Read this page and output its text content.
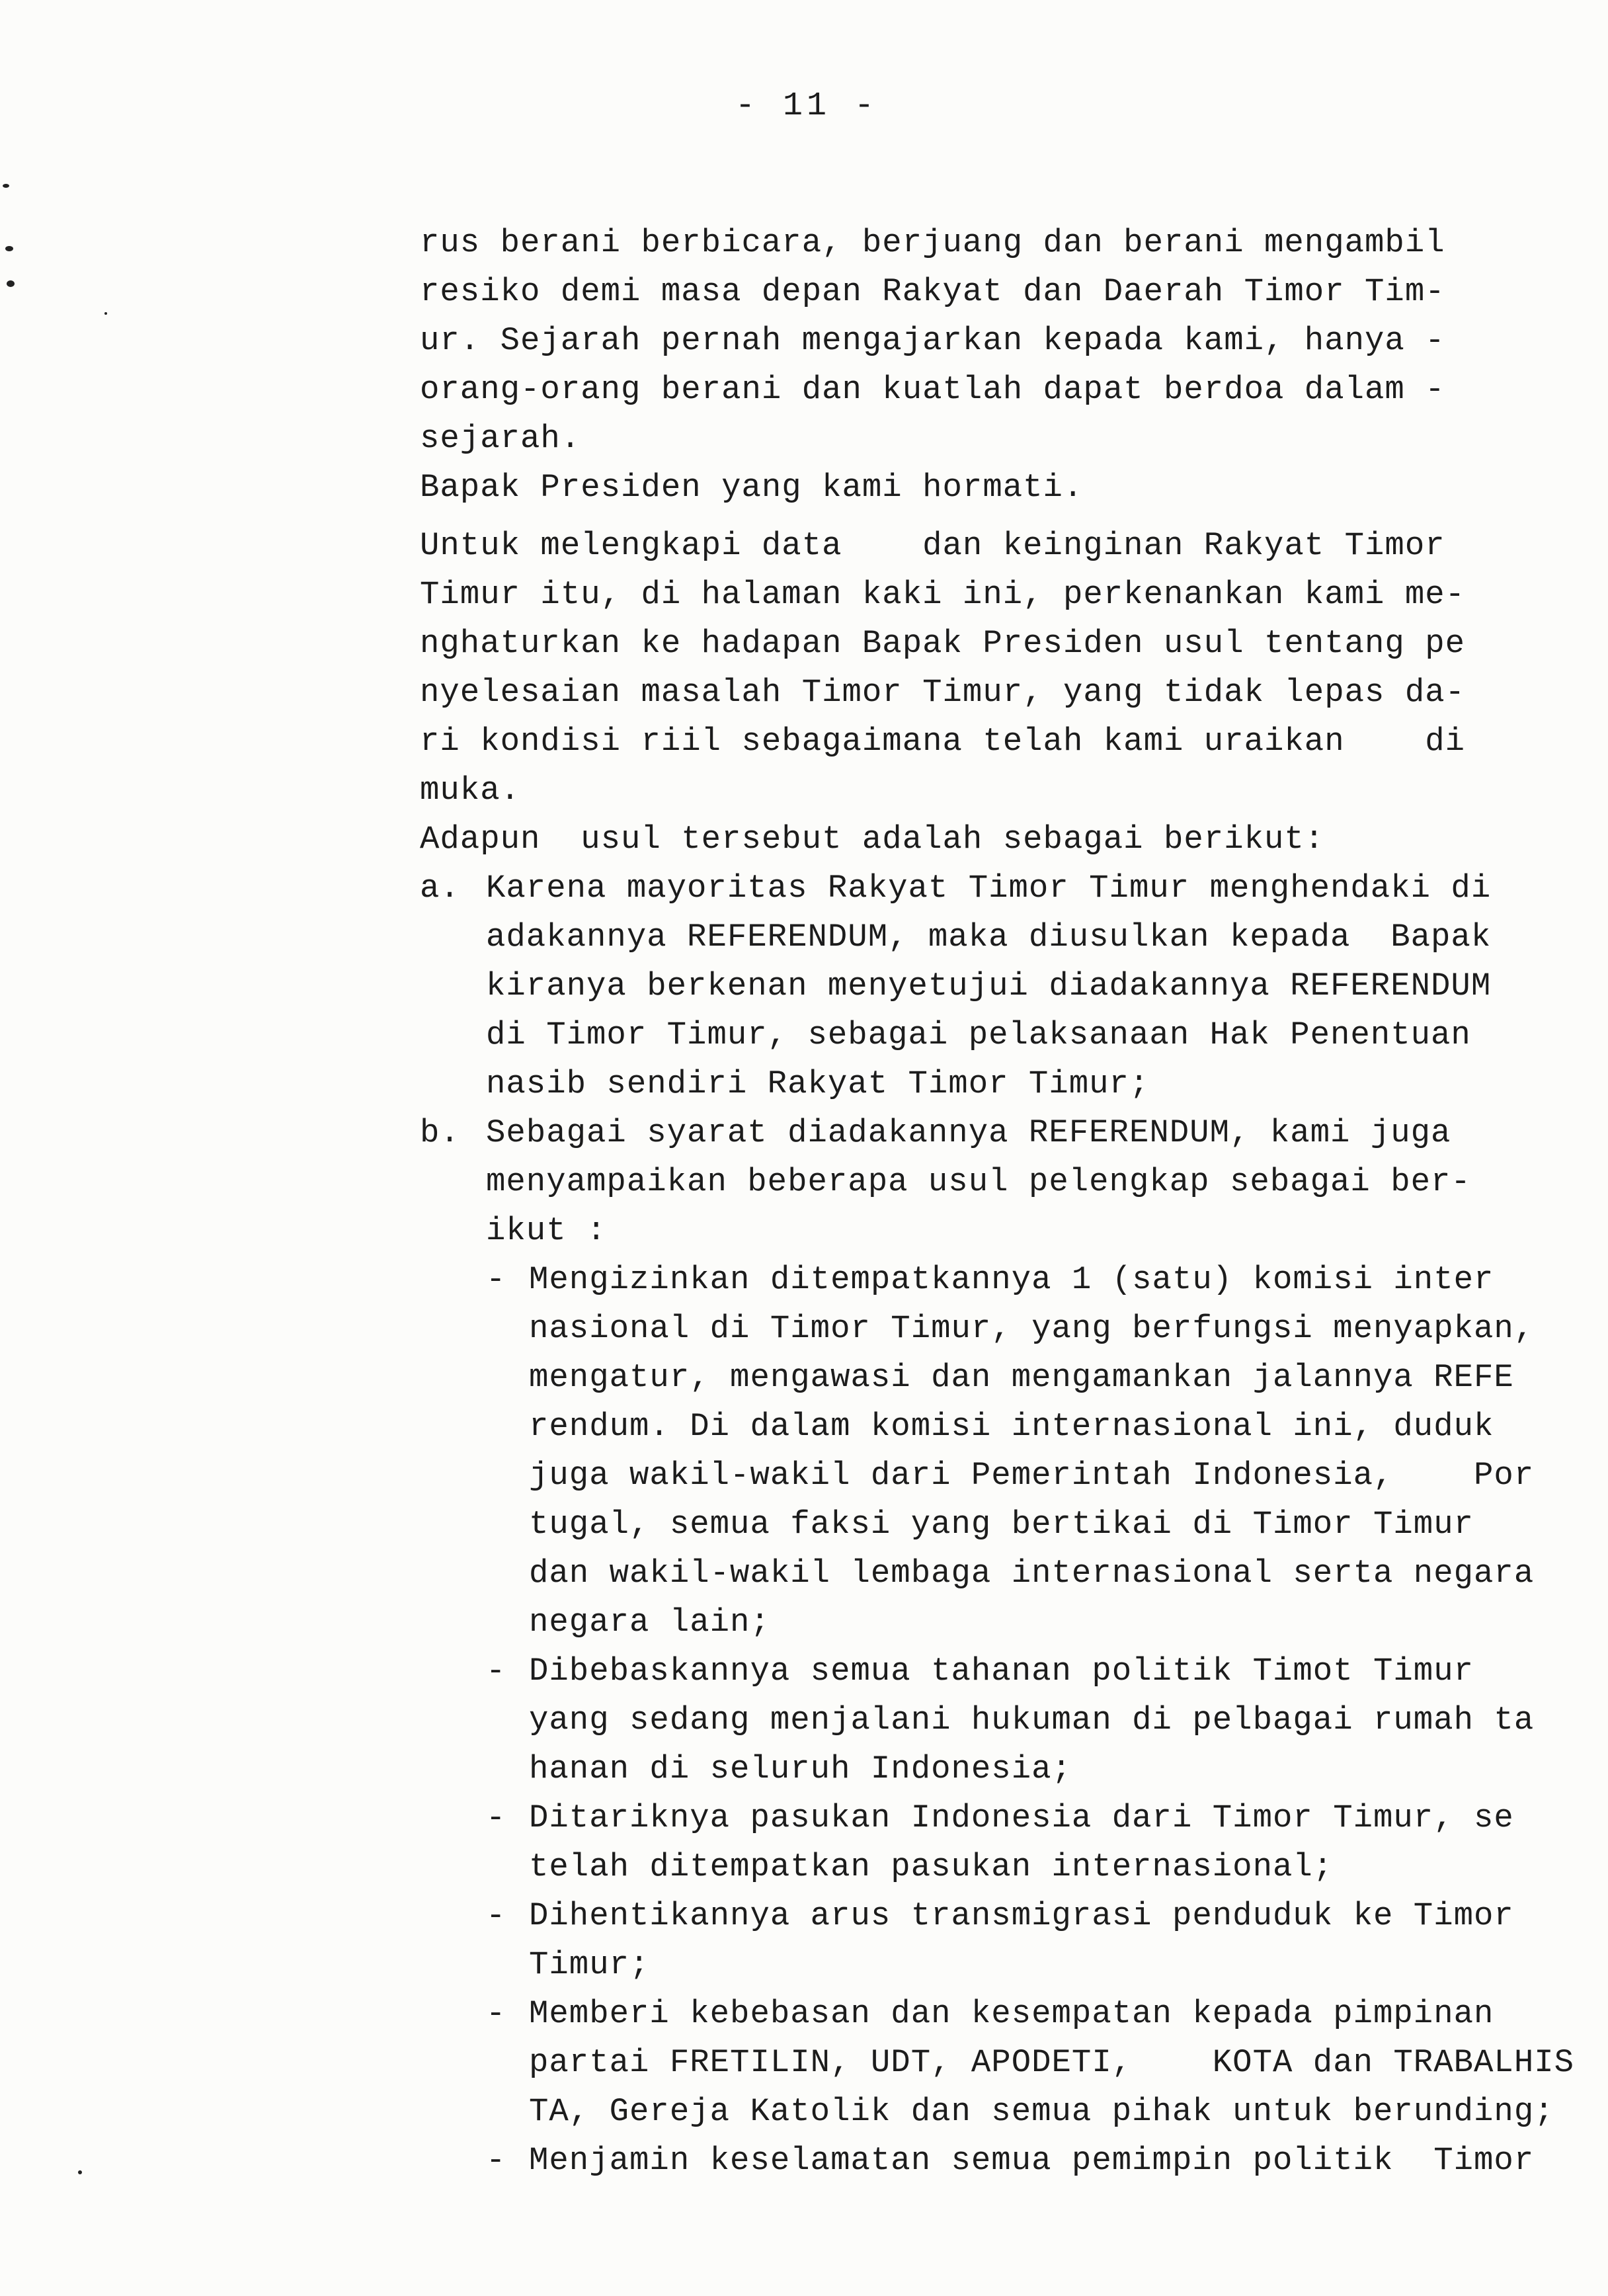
- 11 -
rus berani berbicara, berjuang dan berani mengambil
resiko demi masa depan Rakyat dan Daerah Timor Tim-
ur. Sejarah pernah mengajarkan kepada kami, hanya -
orang-orang berani dan kuatlah dapat berdoa dalam -
sejarah.
Bapak Presiden yang kami hormati.
Untuk melengkapi data    dan keinginan Rakyat Timor
Timur itu, di halaman kaki ini, perkenankan kami me-
nghaturkan ke hadapan Bapak Presiden usul tentang pe
nyelesaian masalah Timor Timur, yang tidak lepas da-
ri kondisi riil sebagaimana telah kami uraikan    di
muka.
Adapun  usul tersebut adalah sebagai berikut:
a. Karena mayoritas Rakyat Timor Timur menghendaki di
adakannya REFERENDUM, maka diusulkan kepada  Bapak
kiranya berkenan menyetujui diadakannya REFERENDUM
di Timor Timur, sebagai pelaksanaan Hak Penentuan
nasib sendiri Rakyat Timor Timur;
b. Sebagai syarat diadakannya REFERENDUM, kami juga
menyampaikan beberapa usul pelengkap sebagai ber-
ikut :
- Mengizinkan ditempatkannya 1 (satu) komisi inter
nasional di Timor Timur, yang berfungsi menyapkan,
mengatur, mengawasi dan mengamankan jalannya REFE
rendum. Di dalam komisi internasional ini, duduk
juga wakil-wakil dari Pemerintah Indonesia,    Por
tugal, semua faksi yang bertikai di Timor Timur
dan wakil-wakil lembaga internasional serta negara
negara lain;
- Dibebaskannya semua tahanan politik Timot Timur
yang sedang menjalani hukuman di pelbagai rumah ta
hanan di seluruh Indonesia;
- Ditariknya pasukan Indonesia dari Timor Timur, se
telah ditempatkan pasukan internasional;
- Dihentikannya arus transmigrasi penduduk ke Timor
Timur;
- Memberi kebebasan dan kesempatan kepada pimpinan
partai FRETILIN, UDT, APODETI,    KOTA dan TRABALHIS
TA, Gereja Katolik dan semua pihak untuk berunding;
- Menjamin keselamatan semua pemimpin politik  Timor
